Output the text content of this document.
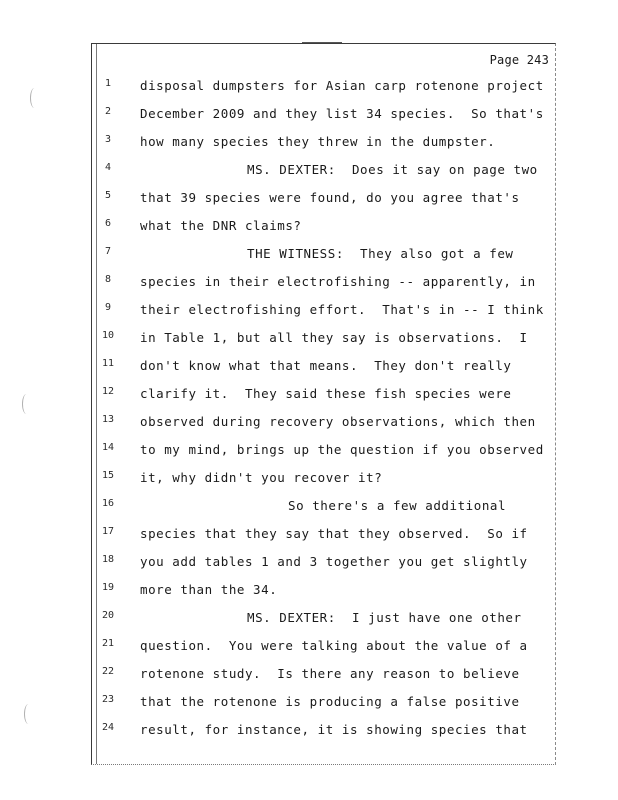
Page 243
1	disposal dumpsters for Asian carp rotenone project
2	December 2009 and they list 34 species.  So that's
3	how many species they threw in the dumpster.
4	MS. DEXTER:  Does it say on page two
5	that 39 species were found, do you agree that's
6	what the DNR claims?
7	THE WITNESS:  They also got a few
8	species in their electrofishing -- apparently, in
9	their electrofishing effort.  That's in -- I think
10	in Table 1, but all they say is observations.  I
11	don't know what that means.  They don't really
12	clarify it.  They said these fish species were
13	observed during recovery observations, which then
14	to my mind, brings up the question if you observed
15	it, why didn't you recover it?
16	So there's a few additional
17	species that they say that they observed.  So if
18	you add tables 1 and 3 together you get slightly
19	more than the 34.
20	MS. DEXTER:  I just have one other
21	question.  You were talking about the value of a
22	rotenone study.  Is there any reason to believe
23	that the rotenone is producing a false positive
24	result, for instance, it is showing species that
